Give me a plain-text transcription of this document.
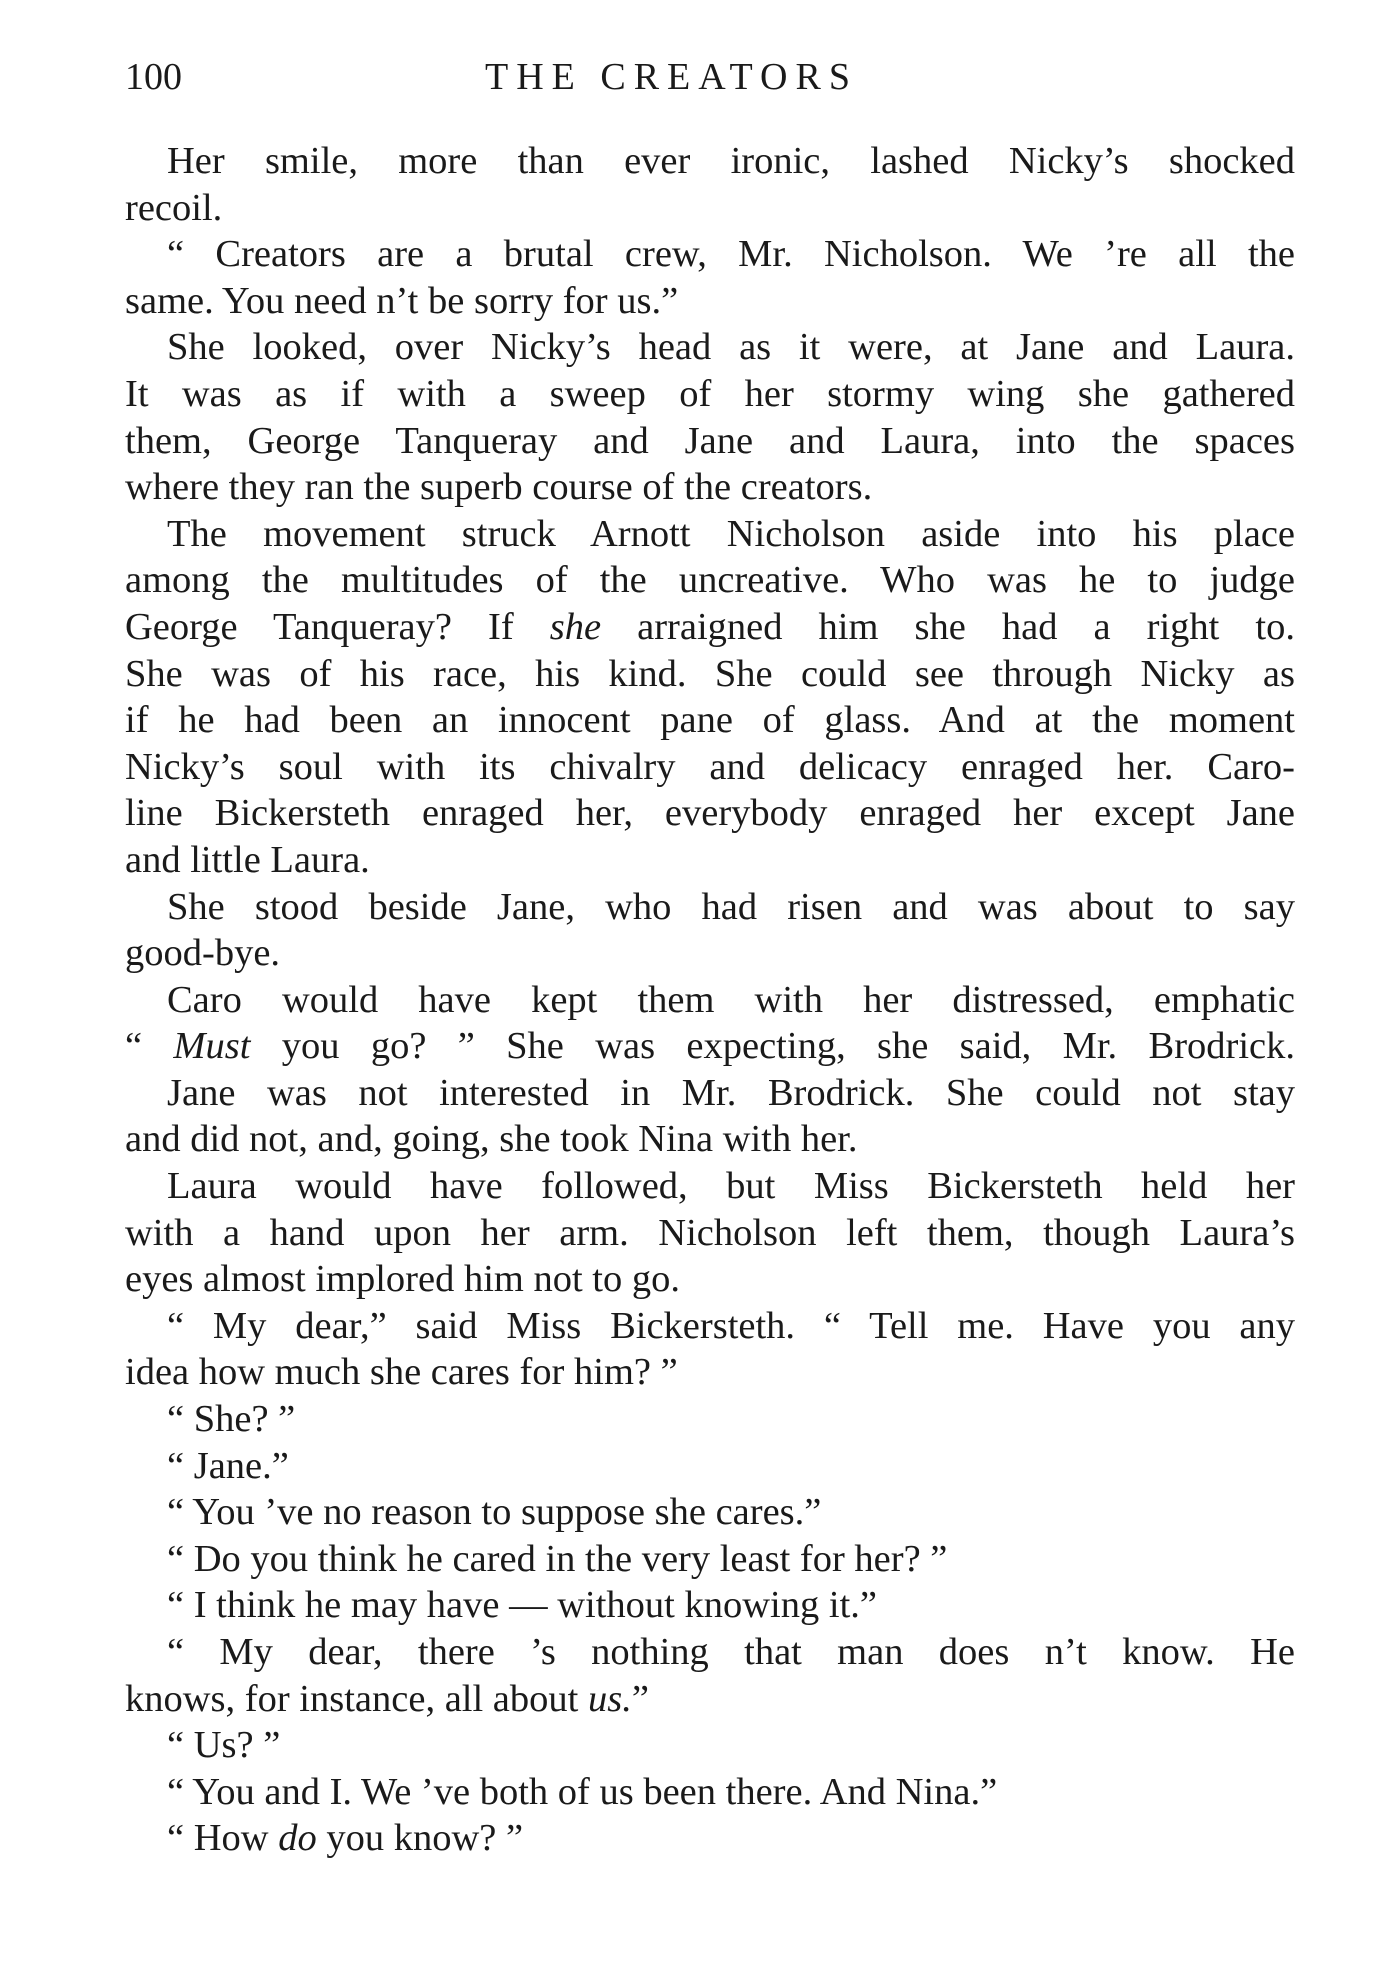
100	THE CREATORS
Her smile, more than ever ironic, lashed Nicky’s shocked
recoil.
“ Creators are a brutal crew, Mr. Nicholson. We ’re all the
same. You need n’t be sorry for us.”
She looked, over Nicky’s head as it were, at Jane and Laura.
It was as if with a sweep of her stormy wing she gathered
them, George Tanqueray and Jane and Laura, into the spaces
where they ran the superb course of the creators.
The movement struck Arnott Nicholson aside into his place
among the multitudes of the uncreative. Who was he to judge
George Tanqueray? If she arraigned him she had a right to.
She was of his race, his kind. She could see through Nicky as
if he had been an innocent pane of glass. And at the moment
Nicky’s soul with its chivalry and delicacy enraged her. Caro-
line Bickersteth enraged her, everybody enraged her except Jane
and little Laura.
She stood beside Jane, who had risen and was about to say
good-bye.
Caro would have kept them with her distressed, emphatic
“ Must you go? ” She was expecting, she said, Mr. Brodrick.
Jane was not interested in Mr. Brodrick. She could not stay
and did not, and, going, she took Nina with her.
Laura would have followed, but Miss Bickersteth held her
with a hand upon her arm. Nicholson left them, though Laura’s
eyes almost implored him not to go.
“ My dear,” said Miss Bickersteth. “ Tell me. Have you any
idea how much she cares for him? ”
“ She? ”
“ Jane.”
“ You ’ve no reason to suppose she cares.”
“ Do you think he cared in the very least for her? ”
“ I think he may have — without knowing it.”
“ My dear, there ’s nothing that man does n’t know. He
knows, for instance, all about us.”
“ Us? ”
“ You and I. We ’ve both of us been there. And Nina.”
“ How do you know? ”
